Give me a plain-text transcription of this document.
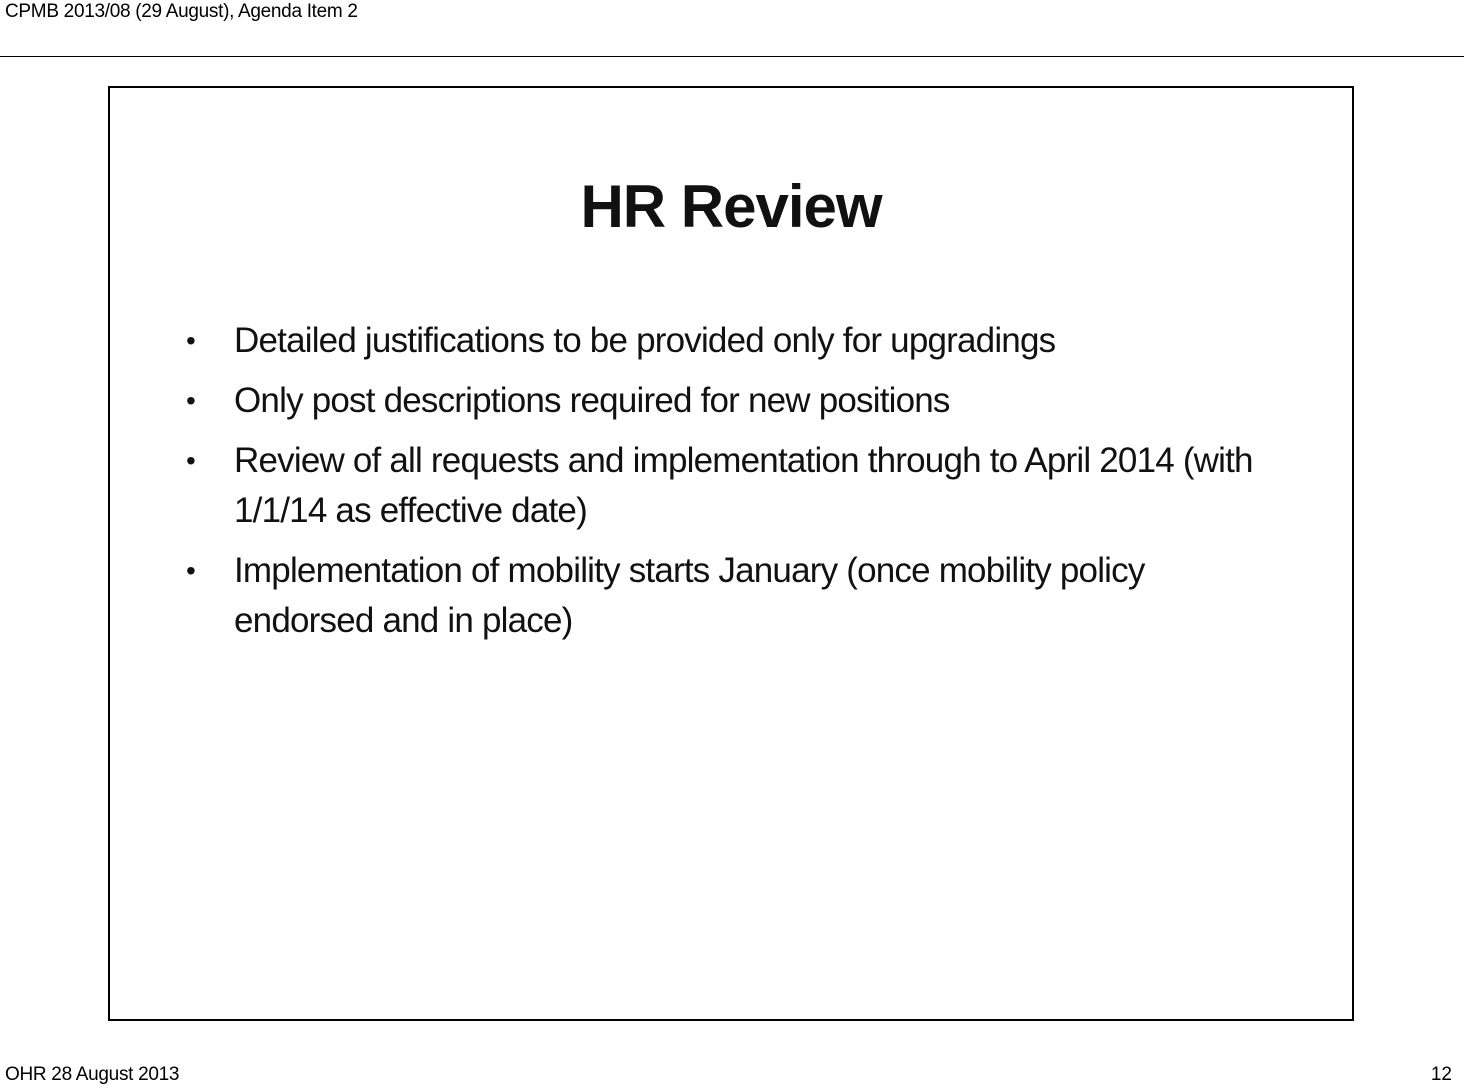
CPMB 2013/08 (29 August), Agenda Item 2
HR Review
• Detailed justifications to be provided only for upgradings
• Only post descriptions required for new positions
• Review of all requests and implementation through to April 2014 (with 1/1/14 as effective date)
• Implementation of mobility starts January (once mobility policy endorsed and in place)
OHR 28 August 2013	12
